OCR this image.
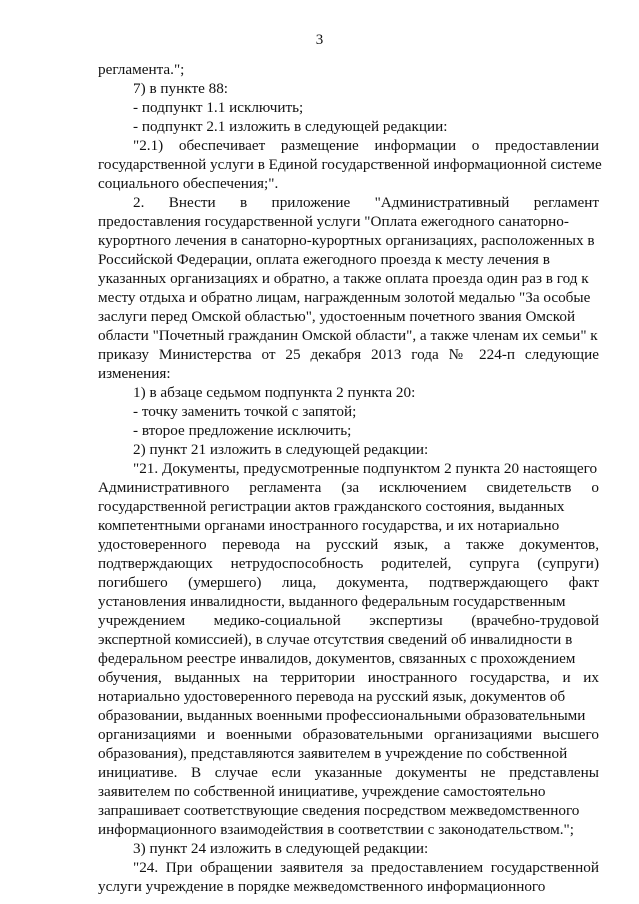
3
регламента.";
7) в пункте 88:
- подпункт 1.1 исключить;
- подпункт 2.1 изложить в следующей редакции:
"2.1) обеспечивает размещение информации о предоставлении
государственной услуги в Единой государственной информационной системе
социального обеспечения;".
2. Внести в приложение "Административный регламент
предоставления государственной услуги "Оплата ежегодного санаторно-
курортного лечения в санаторно-курортных организациях, расположенных в
Российской Федерации, оплата ежегодного проезда к месту лечения в
указанных организациях и обратно, а также оплата проезда один раз в год к
месту отдыха и обратно лицам, награжденным золотой медалью "За особые
заслуги перед Омской областью", удостоенным почетного звания Омской
области "Почетный гражданин Омской области", а также членам их семьи" к
приказу Министерства от 25 декабря 2013 года № 224-п следующие
изменения:
1) в абзаце седьмом подпункта 2 пункта 20:
- точку заменить точкой с запятой;
- второе предложение исключить;
2) пункт 21 изложить в следующей редакции:
"21. Документы, предусмотренные подпунктом 2 пункта 20 настоящего
Административного регламента (за исключением свидетельств о
государственной регистрации актов гражданского состояния, выданных
компетентными органами иностранного государства, и их нотариально
удостоверенного перевода на русский язык, а также документов,
подтверждающих нетрудоспособность родителей, супруга (супруги)
погибшего (умершего) лица, документа, подтверждающего факт
установления инвалидности, выданного федеральным государственным
учреждением медико-социальной экспертизы (врачебно-трудовой
экспертной комиссией), в случае отсутствия сведений об инвалидности в
федеральном реестре инвалидов, документов, связанных с прохождением
обучения, выданных на территории иностранного государства, и их
нотариально удостоверенного перевода на русский язык, документов об
образовании, выданных военными профессиональными образовательными
организациями и военными образовательными организациями высшего
образования), представляются заявителем в учреждение по собственной
инициативе. В случае если указанные документы не представлены
заявителем по собственной инициативе, учреждение самостоятельно
запрашивает соответствующие сведения посредством межведомственного
информационного взаимодействия в соответствии с законодательством.";
3) пункт 24 изложить в следующей редакции:
"24. При обращении заявителя за предоставлением государственной
услуги учреждение в порядке межведомственного информационного
